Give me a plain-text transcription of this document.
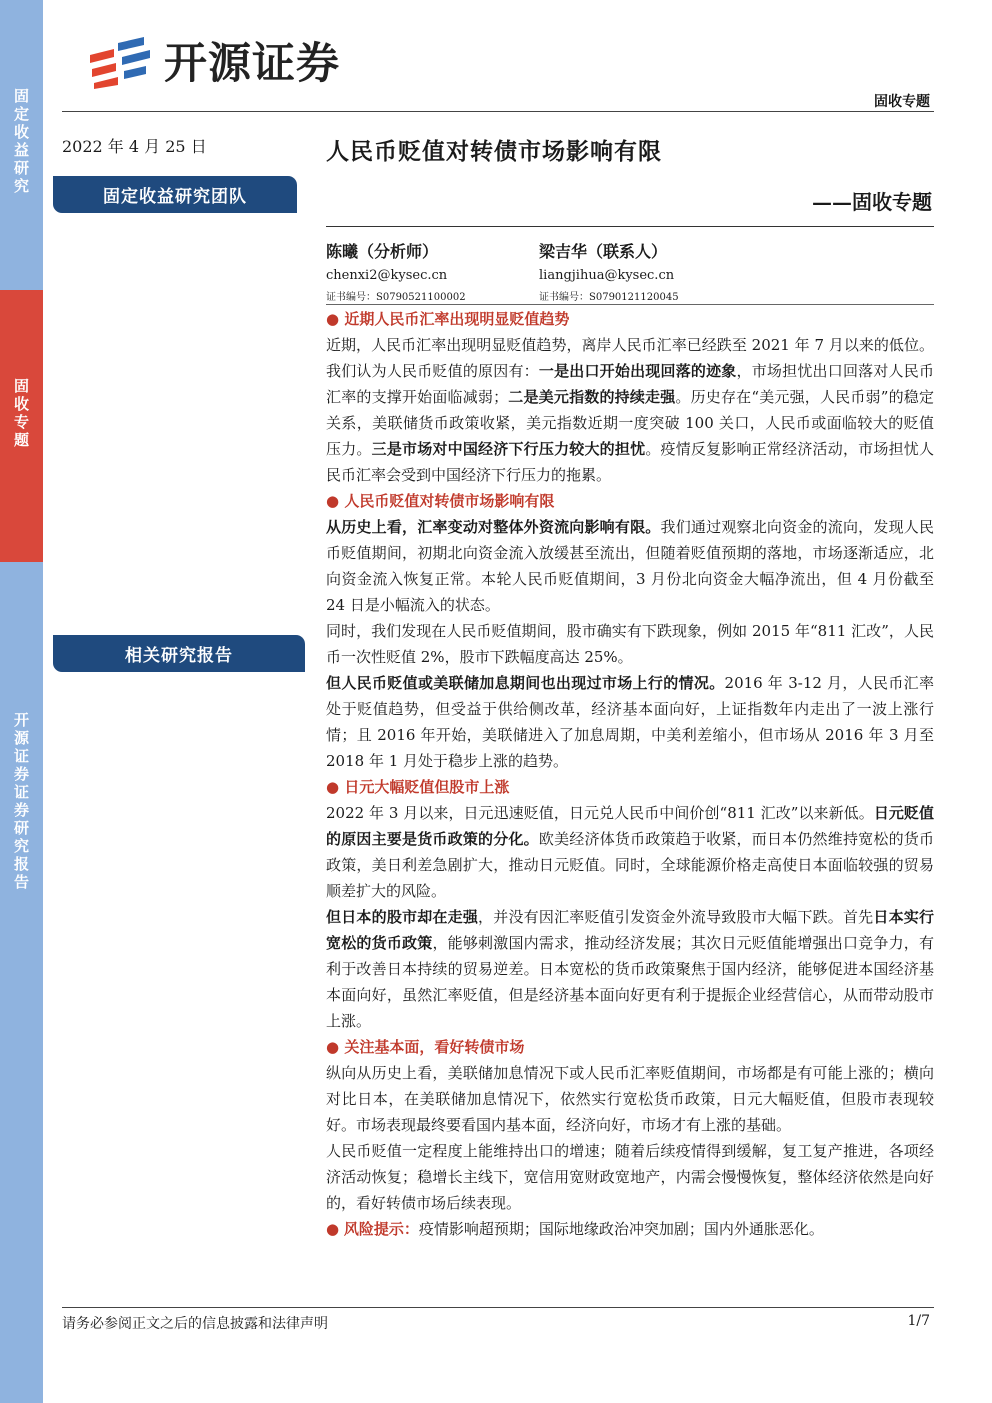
固定收益研究
固收专题
开源证券证券研究报告
开源证券
固收专题
2022 年 4 月 25 日
固定收益研究团队
相关研究报告
人民币贬值对转债市场影响有限
——固收专题
陈曦（分析师）
chenxi2@kysec.cn
证书编号：S0790521100002
梁吉华（联系人）
liangjihua@kysec.cn
证书编号：S0790121120045
● 近期人民币汇率出现明显贬值趋势

近期，人民币汇率出现明显贬值趋势，离岸人民币汇率已经跌至 2021 年 7 月以来的低位。我们认为人民币贬值的原因有：一是出口开始出现回落的迹象，市场担忧出口回落对人民币汇率的支撑开始面临减弱；二是美元指数的持续走强。历史存在“美元强，人民币弱”的稳定关系，美联储货币政策收紧，美元指数近期一度突破 100 关口，人民币或面临较大的贬值压力。三是市场对中国经济下行压力较大的担忧。疫情反复影响正常经济活动，市场担忧人民币汇率会受到中国经济下行压力的拖累。

● 人民币贬值对转债市场影响有限

从历史上看，汇率变动对整体外资流向影响有限。我们通过观察北向资金的流向，发现人民币贬值期间，初期北向资金流入放缓甚至流出，但随着贬值预期的落地，市场逐渐适应，北向资金流入恢复正常。本轮人民币贬值期间，3 月份北向资金大幅净流出，但 4 月份截至 24 日是小幅流入的状态。

同时，我们发现在人民币贬值期间，股市确实有下跌现象，例如 2015 年“811 汇改”，人民币一次性贬值 2%，股市下跌幅度高达 25%。

但人民币贬值或美联储加息期间也出现过市场上行的情况。2016 年 3-12 月，人民币汇率处于贬值趋势，但受益于供给侧改革，经济基本面向好，上证指数年内走出了一波上涨行情；且 2016 年开始，美联储进入了加息周期，中美利差缩小，但市场从 2016 年 3 月至 2018 年 1 月处于稳步上涨的趋势。

● 日元大幅贬值但股市上涨

2022 年 3 月以来，日元迅速贬值，日元兑人民币中间价创“811 汇改”以来新低。日元贬值的原因主要是货币政策的分化。欧美经济体货币政策趋于收紧，而日本仍然维持宽松的货币政策，美日利差急剧扩大，推动日元贬值。同时，全球能源价格走高使日本面临较强的贸易顺差扩大的风险。

但日本的股市却在走强，并没有因汇率贬值引发资金外流导致股市大幅下跌。首先日本实行宽松的货币政策，能够刺激国内需求，推动经济发展；其次日元贬值能增强出口竞争力，有利于改善日本持续的贸易逆差。日本宽松的货币政策聚焦于国内经济，能够促进本国经济基本面向好，虽然汇率贬值，但是经济基本面向好更有利于提振企业经营信心，从而带动股市上涨。

● 关注基本面，看好转债市场

纵向从历史上看，美联储加息情况下或人民币汇率贬值期间，市场都是有可能上涨的；横向对比日本，在美联储加息情况下，依然实行宽松货币政策，日元大幅贬值，但股市表现较好。市场表现最终要看国内基本面，经济向好，市场才有上涨的基础。

人民币贬值一定程度上能维持出口的增速；随着后续疫情得到缓解，复工复产推进，各项经济活动恢复；稳增长主线下，宽信用宽财政宽地产，内需会慢慢恢复，整体经济依然是向好的，看好转债市场后续表现。

● 风险提示：疫情影响超预期；国际地缘政治冲突加剧；国内外通胀恶化。
请务必参阅正文之后的信息披露和法律声明	1/7
